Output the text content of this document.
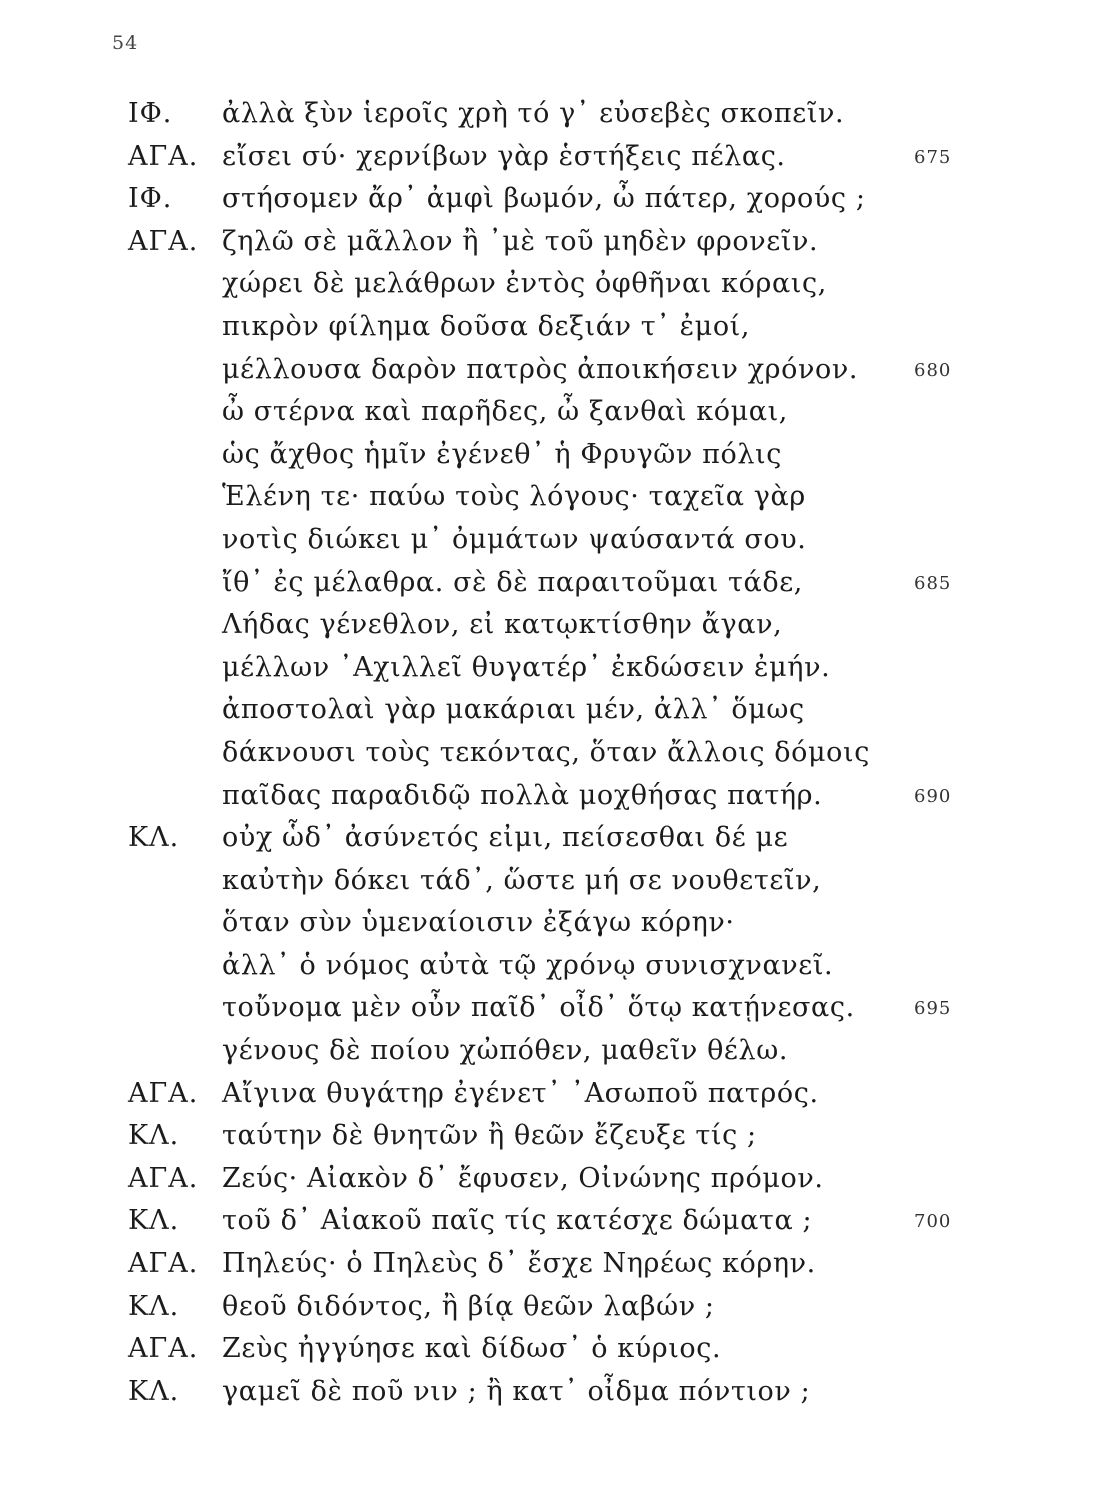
54
ΙΦ. ἀλλὰ ξὺν ἱεροῖς χρὴ τό γ᾽ εὐσεβὲς σκοπεῖν.
ΑΓΑ. εἴσει σύ· χερνίβων γὰρ ἑστήξεις πέλας.	675
ΙΦ. στήσομεν ἄρ᾽ ἀμφὶ βωμόν, ὦ πάτερ, χορούς ;
ΑΓΑ. ζηλῶ σὲ μᾶλλον ἢ ᾽μὲ τοῦ μηδὲν φρονεῖν.
χώρει δὲ μελάθρων ἐντὸς ὀφθῆναι κόραις,
πικρὸν φίλημα δοῦσα δεξιάν τ᾽ ἐμοί,
μέλλουσα δαρὸν πατρὸς ἀποικήσειν χρόνον.	680
ὦ στέρνα καὶ παρῆδες, ὦ ξανθαὶ κόμαι,
ὡς ἄχθος ἡμῖν ἐγένεθ᾽ ἡ Φρυγῶν πόλις
Ἑλένη τε· παύω τοὺς λόγους· ταχεῖα γὰρ
νοτὶς διώκει μ᾽ ὀμμάτων ψαύσαντά σου.
ἴθ᾽ ἐς μέλαθρα. σὲ δὲ παραιτοῦμαι τάδε,	685
Λήδας γένεθλον, εἰ κατῳκτίσθην ἄγαν,
μέλλων ᾽Αχιλλεῖ θυγατέρ᾽ ἐκδώσειν ἐμήν.
ἀποστολαὶ γὰρ μακάριαι μέν, ἀλλ᾽ ὅμως
δάκνουσι τοὺς τεκόντας, ὅταν ἄλλοις δόμοις
παῖδας παραδιδῷ πολλὰ μοχθήσας πατήρ.	690
ΚΛ. οὐχ ὧδ᾽ ἀσύνετός εἰμι, πείσεσθαι δέ με
καὐτὴν δόκει τάδ᾽, ὥστε μή σε νουθετεῖν,
ὅταν σὺν ὑμεναίοισιν ἐξάγω κόρην·
ἀλλ᾽ ὁ νόμος αὐτὰ τῷ χρόνῳ συνισχνανεῖ.
τοὔνομα μὲν οὖν παῖδ᾽ οἶδ᾽ ὅτῳ κατῄνεσας.	695
γένους δὲ ποίου χὠπόθεν, μαθεῖν θέλω.
ΑΓΑ. Αἴγινα θυγάτηρ ἐγένετ᾽ ᾽Ασωποῦ πατρός.
ΚΛ. ταύτην δὲ θνητῶν ἢ θεῶν ἔζευξε τίς ;
ΑΓΑ. Ζεύς· Αἰακὸν δ᾽ ἔφυσεν, Οἰνώνης πρόμον.
ΚΛ. τοῦ δ᾽ Αἰακοῦ παῖς τίς κατέσχε δώματα ;	700
ΑΓΑ. Πηλεύς· ὁ Πηλεὺς δ᾽ ἔσχε Νηρέως κόρην.
ΚΛ. θεοῦ διδόντος, ἢ βίᾳ θεῶν λαβών ;
ΑΓΑ. Ζεὺς ἠγγύησε καὶ δίδωσ᾽ ὁ κύριος.
ΚΛ. γαμεῖ δὲ ποῦ νιν ; ἢ κατ᾽ οἶδμα πόντιον ;
